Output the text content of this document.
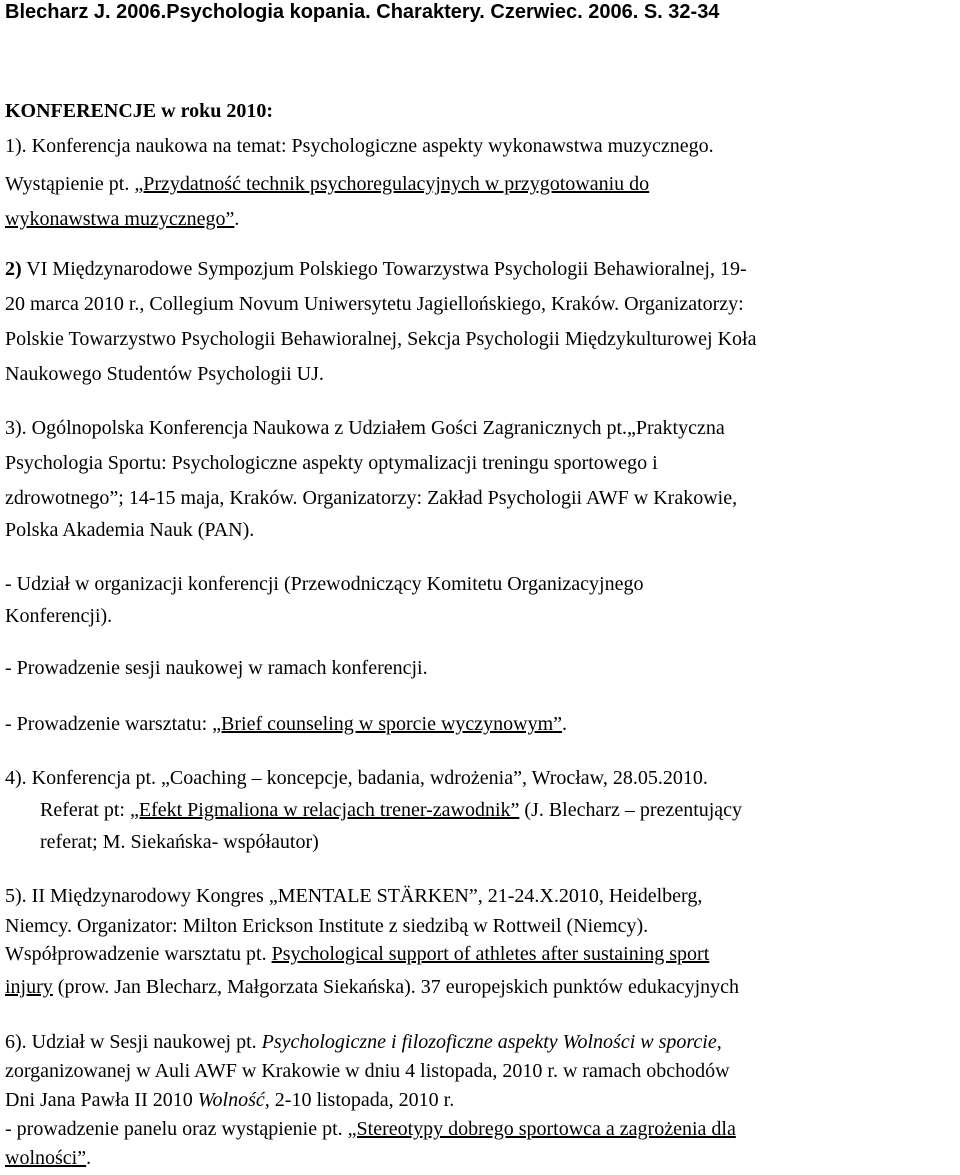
Blecharz J. 2006.Psychologia kopania. Charaktery. Czerwiec. 2006. S. 32-34
KONFERENCJE w roku 2010:
1). Konferencja naukowa na temat: Psychologiczne aspekty wykonawstwa muzycznego.
Wystąpienie pt. „Przydatność technik psychoregulacyjnych w przygotowaniu do
wykonawstwa muzycznego”.
2) VI Międzynarodowe Sympozjum Polskiego Towarzystwa Psychologii Behawioralnej, 19-
20 marca 2010 r., Collegium Novum Uniwersytetu Jagiellońskiego, Kraków. Organizatorzy:
Polskie Towarzystwo Psychologii Behawioralnej, Sekcja Psychologii Międzykulturowej Koła
Naukowego Studentów Psychologii UJ.
3). Ogólnopolska Konferencja Naukowa z Udziałem Gości Zagranicznych pt.„Praktyczna
Psychologia Sportu: Psychologiczne aspekty optymalizacji treningu sportowego i
zdrowotnego”; 14-15 maja, Kraków. Organizatorzy: Zakład Psychologii AWF w Krakowie,
Polska Akademia Nauk (PAN).
- Udział w organizacji konferencji (Przewodniczący Komitetu Organizacyjnego
Konferencji).
- Prowadzenie sesji naukowej w ramach konferencji.
- Prowadzenie warsztatu: „Brief counseling w sporcie wyczynowym”.
4). Konferencja pt. „Coaching – koncepcje, badania, wdrożenia”, Wrocław, 28.05.2010.
Referat pt: „Efekt Pigmaliona w relacjach trener-zawodnik” (J. Blecharz – prezentujący
referat; M. Siekańska- współautor)
5). II Międzynarodowy Kongres „MENTALE STÄRKEN”, 21-24.X.2010, Heidelberg,
Niemcy. Organizator: Milton Erickson Institute z siedzibą w Rottweil (Niemcy).
Współprowadzenie warsztatu pt. Psychological support of athletes after sustaining sport
injury (prow. Jan Blecharz, Małgorzata Siekańska). 37 europejskich punktów edukacyjnych
6). Udział w Sesji naukowej pt. Psychologiczne i filozoficzne aspekty Wolności w sporcie,
zorganizowanej w Auli AWF w Krakowie w dniu 4 listopada, 2010 r. w ramach obchodów
Dni Jana Pawła II 2010 Wolność, 2-10 listopada, 2010 r.
- prowadzenie panelu oraz wystąpienie pt. „Stereotypy dobrego sportowca a zagrożenia dla
wolności”.
